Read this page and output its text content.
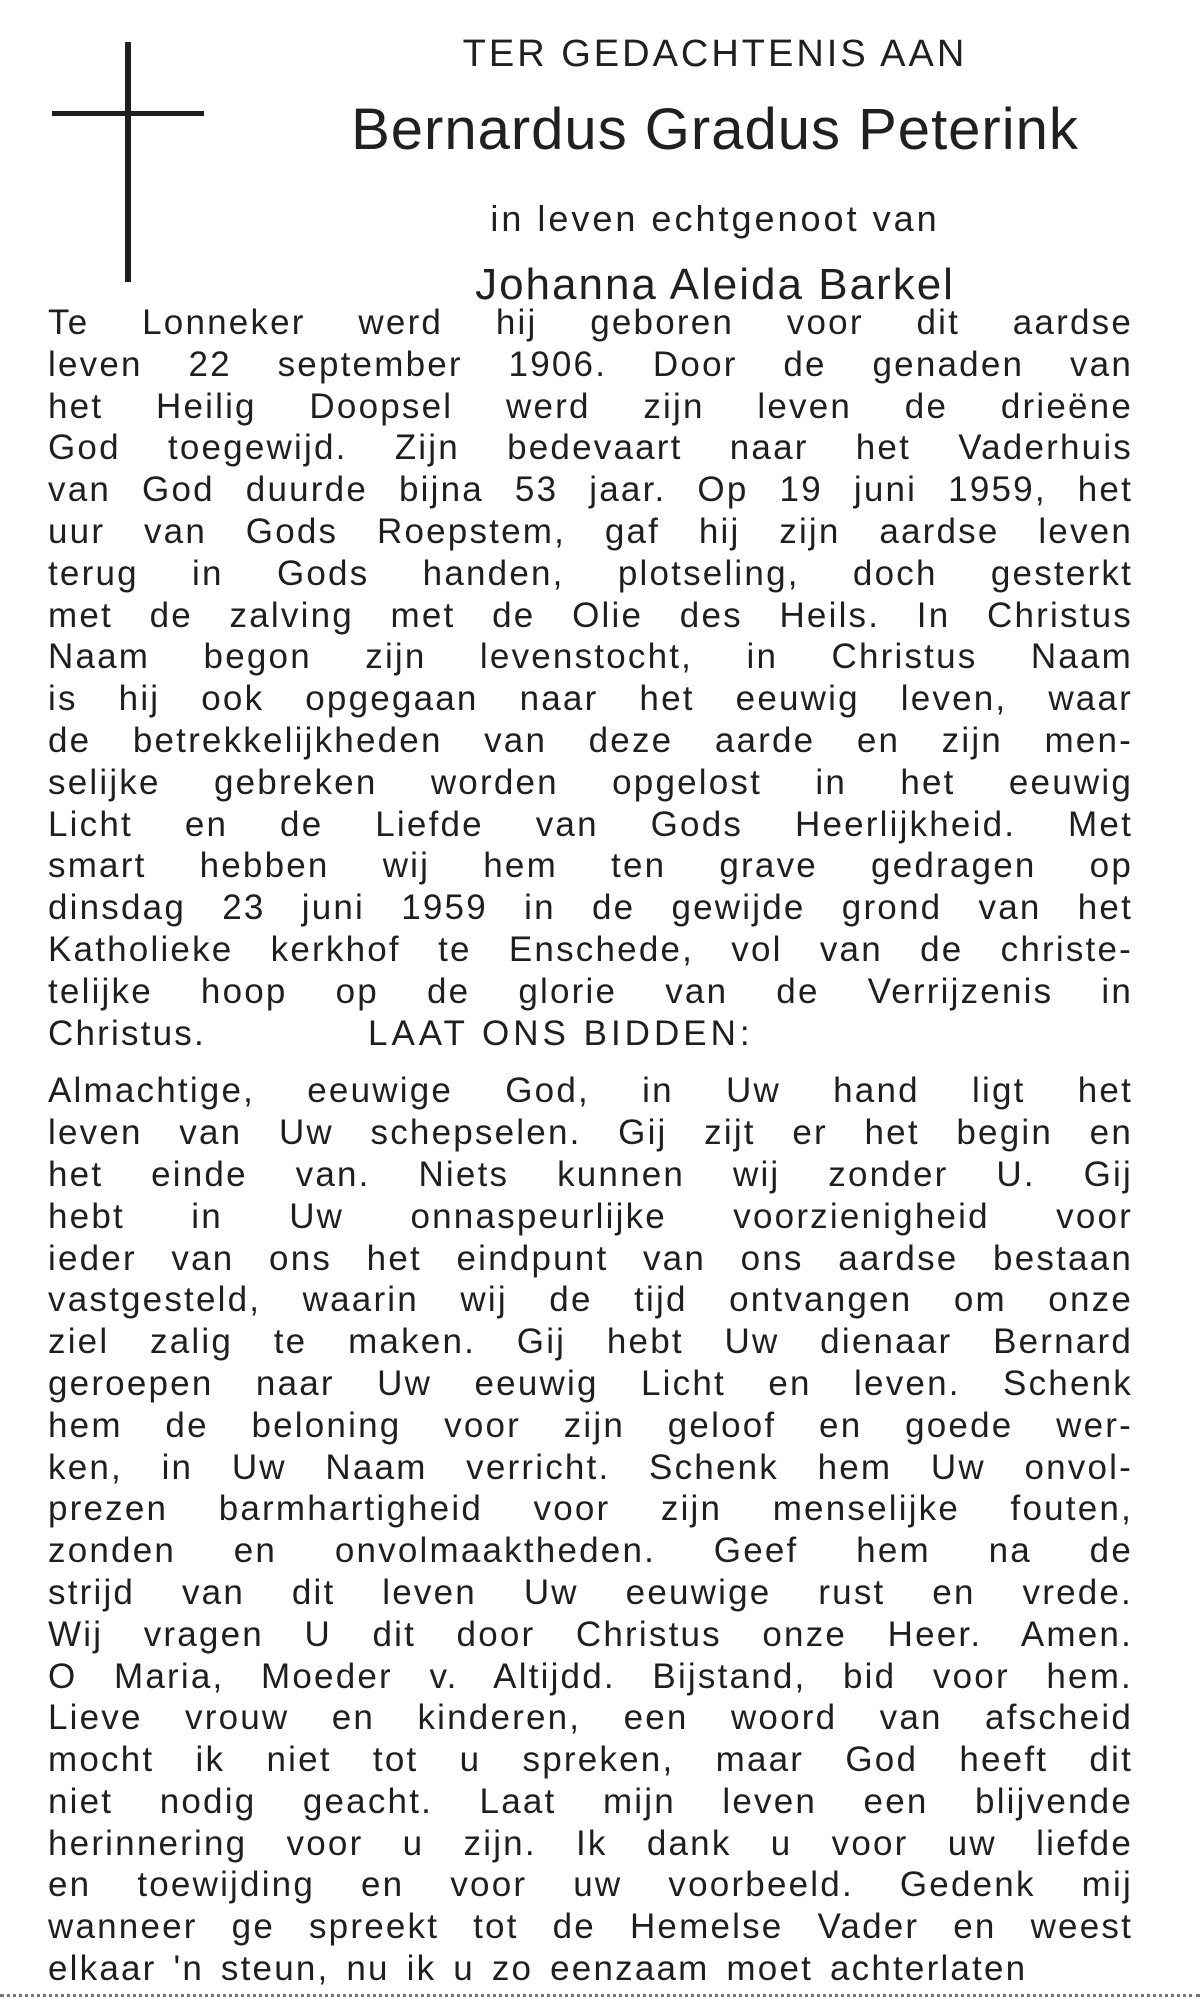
TER GEDACHTENIS AAN
Bernardus Gradus Peterink
in leven echtgenoot van
Johanna Aleida Barkel
Te Lonneker werd hij geboren voor dit aardse
leven 22 september 1906. Door de genaden van
het Heilig Doopsel werd zijn leven de drieëne
God toegewijd. Zijn bedevaart naar het Vaderhuis
van God duurde bijna 53 jaar. Op 19 juni 1959, het
uur van Gods Roepstem, gaf hij zijn aardse leven
terug in Gods handen, plotseling, doch gesterkt
met de zalving met de Olie des Heils. In Christus
Naam begon zijn levenstocht, in Christus Naam
is hij ook opgegaan naar het eeuwig leven, waar
de betrekkelijkheden van deze aarde en zijn men-
selijke gebreken worden opgelost in het eeuwig
Licht en de Liefde van Gods Heerlijkheid. Met
smart hebben wij hem ten grave gedragen op
dinsdag 23 juni 1959 in de gewijde grond van het
Katholieke kerkhof te Enschede, vol van de christe-
telijke hoop op de glorie van de Verrijzenis in
Christus.	LAAT ONS BIDDEN:
Almachtige, eeuwige God, in Uw hand ligt het
leven van Uw schepselen. Gij zijt er het begin en
het einde van. Niets kunnen wij zonder U. Gij
hebt in Uw onnaspeurlijke voorzienigheid voor
ieder van ons het eindpunt van ons aardse bestaan
vastgesteld, waarin wij de tijd ontvangen om onze
ziel zalig te maken. Gij hebt Uw dienaar Bernard
geroepen naar Uw eeuwig Licht en leven. Schenk
hem de beloning voor zijn geloof en goede wer-
ken, in Uw Naam verricht. Schenk hem Uw onvol-
prezen barmhartigheid voor zijn menselijke fouten,
zonden en onvolmaaktheden. Geef hem na de
strijd van dit leven Uw eeuwige rust en vrede.
Wij vragen U dit door Christus onze Heer. Amen.
O Maria, Moeder v. Altijdd. Bijstand, bid voor hem.
Lieve vrouw en kinderen, een woord van afscheid
mocht ik niet tot u spreken, maar God heeft dit
niet nodig geacht. Laat mijn leven een blijvende
herinnering voor u zijn. Ik dank u voor uw liefde
en toewijding en voor uw voorbeeld. Gedenk mij
wanneer ge spreekt tot de Hemelse Vader en weest
elkaar 'n steun, nu ik u zo eenzaam moet achterlaten
